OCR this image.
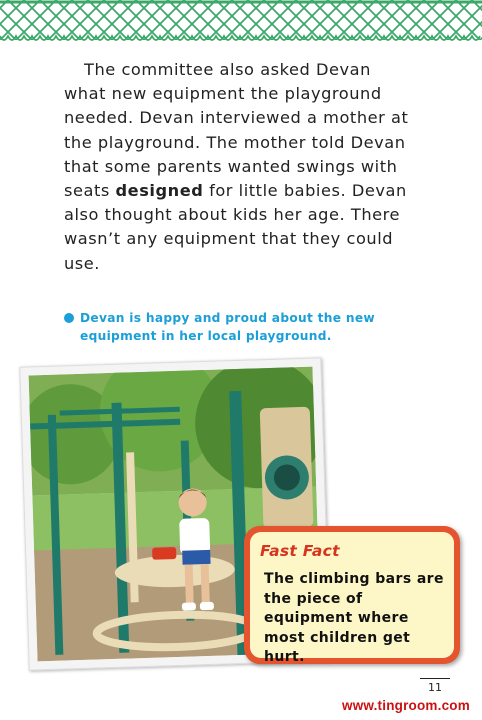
The committee also asked Devan what new equipment the playground needed. Devan interviewed a mother at the playground. The mother told Devan that some parents wanted swings with seats designed for little babies. Devan also thought about kids her age. There wasn’t any equipment that they could use.

Devan is happy and proud about the new
equipment in her local playground.
Fast Fact
The climbing bars are the piece of equipment where most children get hurt.
11
www.tingroom.com
